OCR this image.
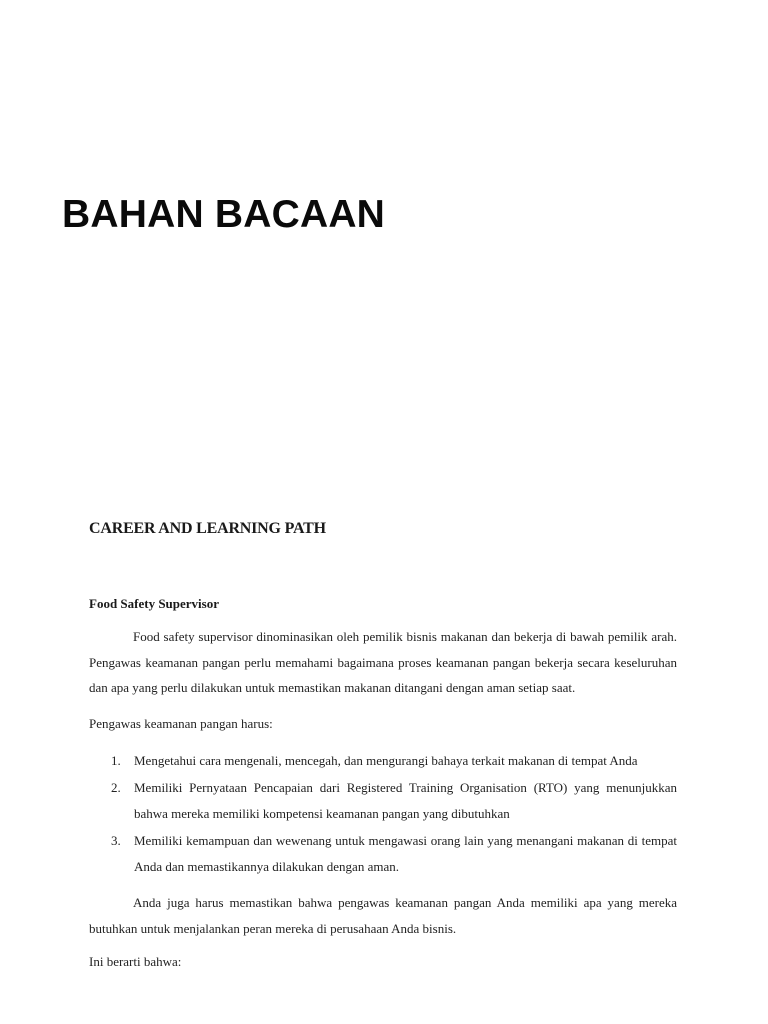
BAHAN BACAAN
CAREER AND LEARNING PATH
Food Safety Supervisor

Food safety supervisor dinominasikan oleh pemilik bisnis makanan dan bekerja di bawah pemilik arah. Pengawas keamanan pangan perlu memahami bagaimana proses keamanan pangan bekerja secara keseluruhan dan apa yang perlu dilakukan untuk memastikan makanan ditangani dengan aman setiap saat.

Pengawas keamanan pangan harus:

1. Mengetahui cara mengenali, mencegah, dan mengurangi bahaya terkait makanan di tempat Anda
2. Memiliki Pernyataan Pencapaian dari Registered Training Organisation (RTO) yang menunjukkan bahwa mereka memiliki kompetensi keamanan pangan yang dibutuhkan
3. Memiliki kemampuan dan wewenang untuk mengawasi orang lain yang menangani makanan di tempat Anda dan memastikannya dilakukan dengan aman.

Anda juga harus memastikan bahwa pengawas keamanan pangan Anda memiliki apa yang mereka butuhkan untuk menjalankan peran mereka di perusahaan Anda bisnis.

Ini berarti bahwa:
